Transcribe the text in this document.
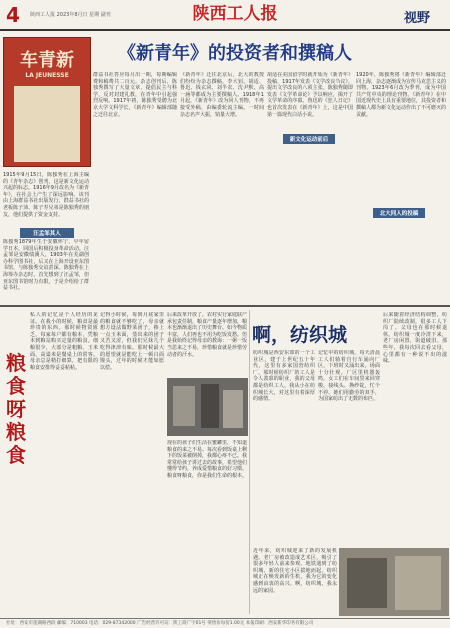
4 陕西工人报 2023年8月日 星期 副刊	陕西工人报	视野
车青新
LA JEUNESSE
《新青年》的投资者和撰稿人
1915年9月15日，陈独秀在上海主编的《青年杂志》创刊，这是新文化运动兴起的标志。1916年9月改名为《新青年》，在社会上产生了深远影响。该刊由上海群益书社出版发行，群益书社的老板陈子沛、陈子寿兄弟是陈独秀的朋友，他们提供了资金支持。
汪孟邹其人
陈独秀1879年生于安徽怀宁，早年留学日本，回国后积极投身革命活动。汪孟邹是安徽绩溪人，1903年在芜湖创办科学图书社，后又在上海开设亚东图书馆，与陈独秀交谊甚深。陈独秀在上海筹办杂志时，首先想到了汪孟邹，但亚东图书馆财力有限，于是介绍给了群益书社。
群益书社答应每月出一期，每期编辑费和稿费共二百元。杂志创刊后，陈独秀撰写了大量文章，提倡民主与科学，反对封建礼教，在青年中引起强烈反响。1917年初，陈独秀受聘为北京大学文科学长，《新青年》编辑部随之迁往北京。
《新青年》迁往北京后，北大的教授们纷纷为杂志撰稿，李大钊、胡适、鲁迅、钱玄同、刘半农、沈尹默、高一涵等都成为主要撰稿人。1918年1月起，《新青年》改为同人刊物，不再接受外稿，由编委轮流主编。一时间杂志名声大振，销量大增。
新文化运动前后
胡适在美国留学时就开始为《新青年》投稿，1917年发表《文学改良刍议》，提出文学改良的八项主张。陈独秀随即发表《文学革命论》予以响应，揭开了文学革命的序幕。鲁迅的《狂人日记》也首次发表在《新青年》上，这是中国第一篇现代白话小说。
北大同人的投稿
1920年，陈独秀将《新青年》编辑部迁回上海，杂志逐渐成为宣传马克思主义的刊物。1923年6月改为季刊，成为中国共产党中央的理论刊物。《新青年》在中国近现代史上具有重要地位，其投资者和撰稿人都为新文化运动作出了不可磨灭的贡献。
粮食呀粮食
私人的记忆是个人经历的见证。在我小的时候，粮食是最珍贵的东西。那时候物资匮乏，每家每户都有粮本，凭粮本到粮站购买定量的粮食。细粮很少，大部分是粗粮，玉米面、高粱米是餐桌上的常客。母亲总是精打细算，把有限的粮食安排得妥妥帖帖。
记得小时候，每到月底家里的粮食就不够吃了，母亲就想方设法做野菜团子，掺上一点玉米面，蒸出来的团子又苦又涩，但我们兄妹几个吃得津津有味。那时候最大的愿望就是能吃上一顿白面馒头，过年的时候才能如愿以偿。
后来改革开放了，农村实行家庭联产承包责任制，粮食产量逐年增加，粮本也渐渐退出了历史舞台。如今物质丰富，人们再也不用为吃饭发愁。但是我始终记得母亲的教诲：一粥一饭当思来之不易，珍惜粮食就是珍惜劳动者的汗水。
现在的孩子们生活在蜜罐里，不知道粮食的来之不易。每次看到饭桌上剩下的饭菜被倒掉，我都心疼不已。我常常给孩子讲过去的故事，希望他们懂得节约，养成爱惜粮食的好习惯。粮食呀粮食，你是我们生命的根本。
啊，纺织城
纺织城是西安东郊的一个工业区，建于上世纪五十年代，这里有多家国营纺织厂。那时候纺织厂的工人是令人羡慕的职业，我的父母都是纺织工人，我从小在纺织城长大，对这里有着深厚的感情。
记忆中的纺织城，每天清晨工人们骑着自行车涌向厂区，下班时又涌出来，场面十分壮观。厂区里机器轰鸣，女工们在车间里来回穿梭，接线头、换纱锭，忙个不停。她们用勤劳的双手，为国家纺出了无数的布匹。
后来随着经济结构调整，纺织厂陆续改制，很多工人下岗了。父母也在那时候退休。纺织城一度冷清下来，老厂房闲置，街道破旧。那些年，我每次回去看父母，心里都有一种说不出的滋味。
近年来，纺织城迎来了新的发展机遇。老厂房被改造成艺术区，吸引了很多年轻人前来参观。地铁通到了纺织城，新的住宅小区拔地而起。纺织城正在焕发新的生机，我为它的变化感到由衷的高兴。啊，纺织城，我永远的家园。
社址：西安市莲湖路西段 邮编：710003 电话：029-87342000 广告经营许可证：陕工商广字01号 零售价每份1.00元 本报印刷：西安新华印务有限公司
